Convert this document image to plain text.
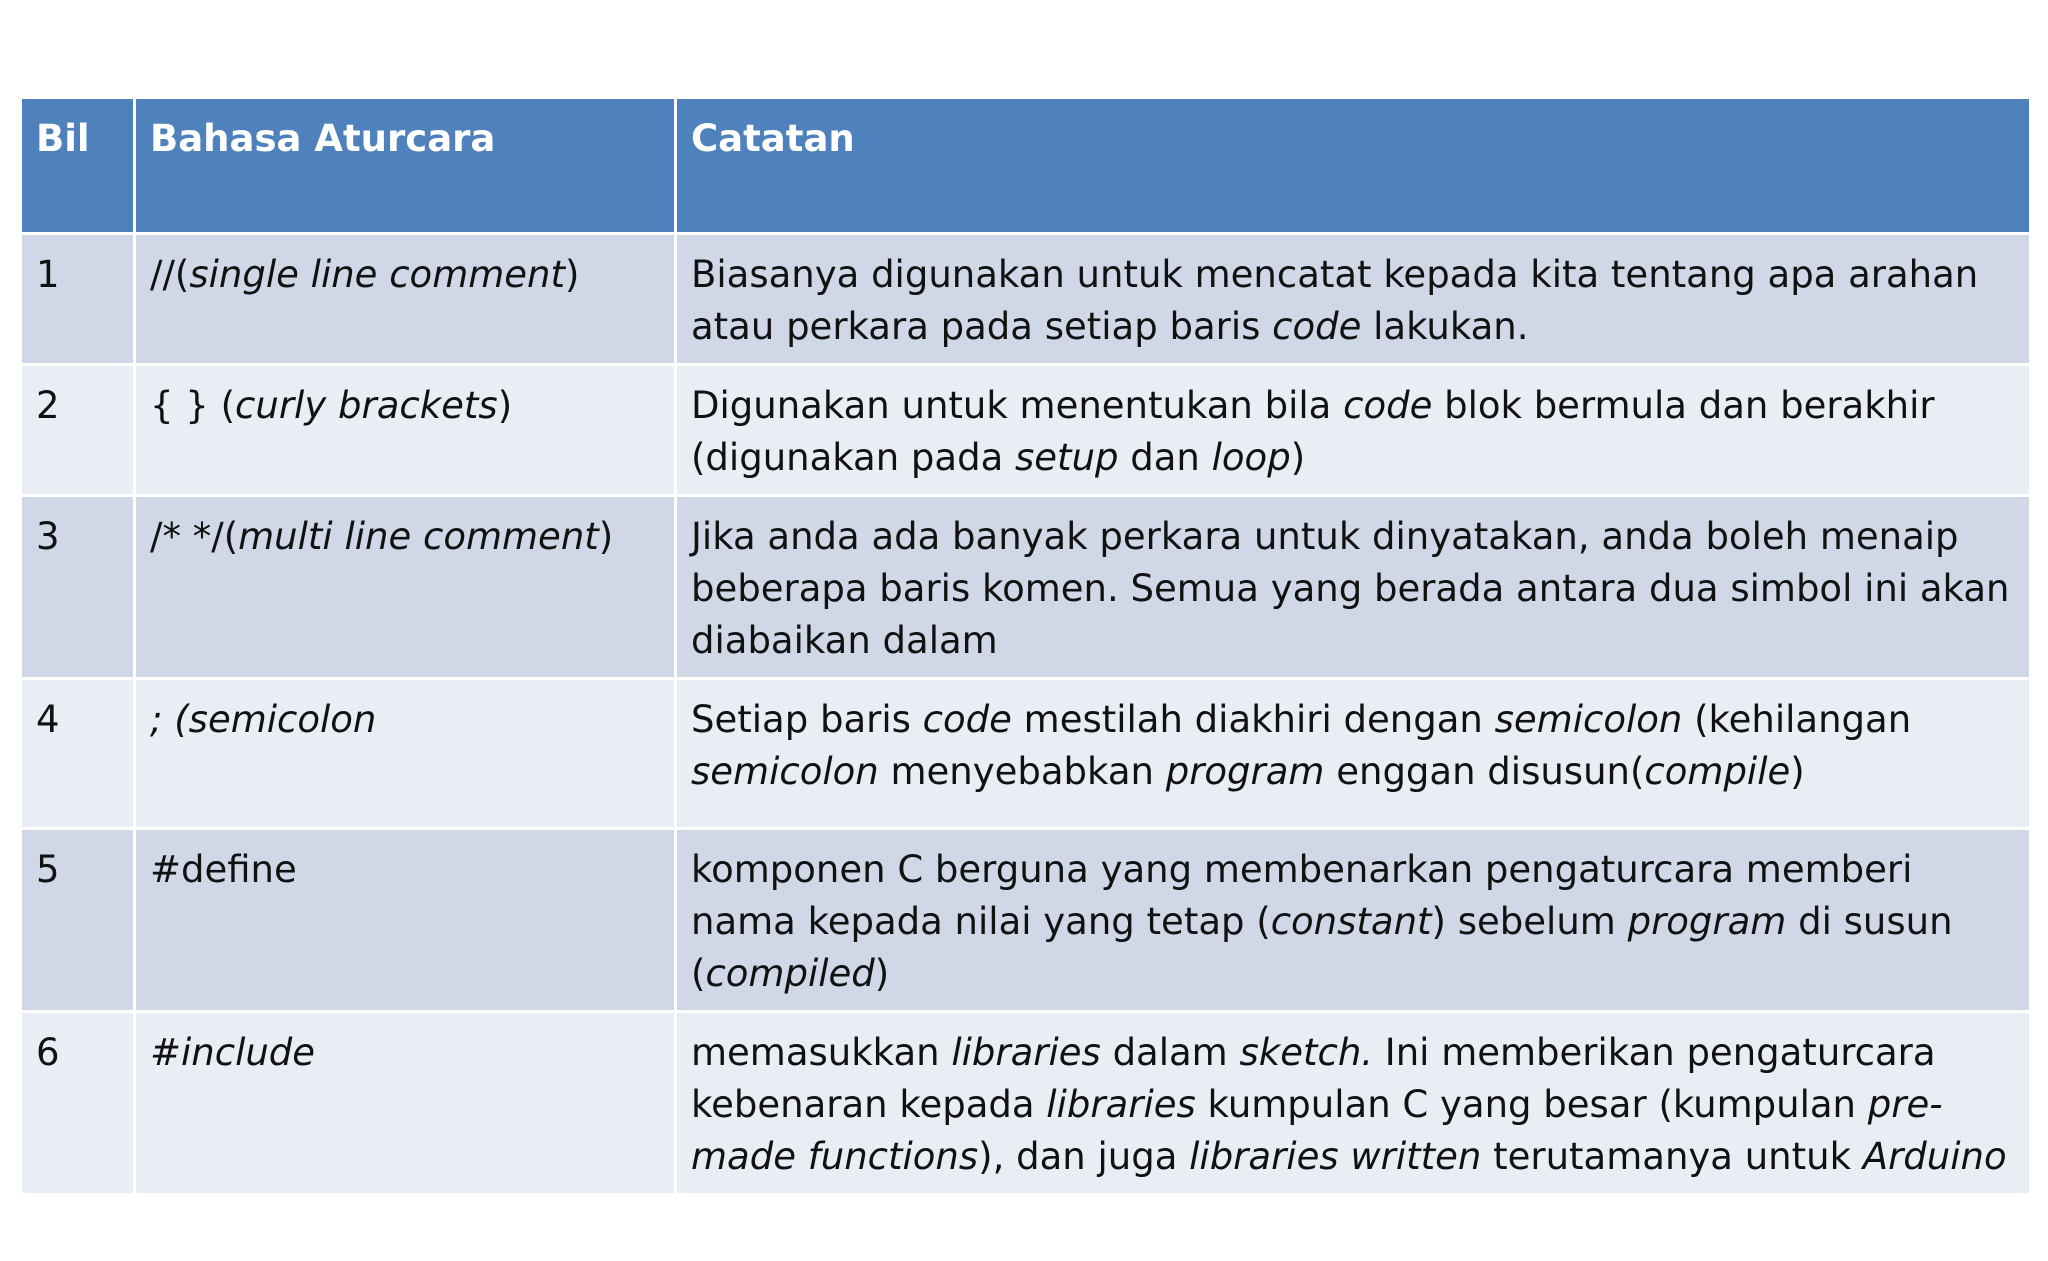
Bil	Bahasa Aturcara	Catatan
1	//(single line comment)	Biasanya digunakan untuk mencatat kepada kita tentang apa arahan atau perkara pada setiap baris code lakukan.
2	{ } (curly brackets)	Digunakan untuk menentukan bila code blok bermula dan berakhir (digunakan pada setup dan loop)
3	/* */(multi line comment)	Jika anda ada banyak perkara untuk dinyatakan, anda boleh menaip beberapa baris komen. Semua yang berada antara dua simbol ini akan diabaikan dalam
4	; (semicolon	Setiap baris code mestilah diakhiri dengan semicolon (kehilangan semicolon menyebabkan program enggan disusun(compile)
5	#define	komponen C berguna yang membenarkan pengaturcara memberi nama kepada nilai yang tetap (constant) sebelum program di susun (compiled)
6	#include	memasukkan libraries dalam sketch. Ini memberikan pengaturcara kebenaran kepada libraries kumpulan C yang besar (kumpulan pre-made functions), dan juga libraries written terutamanya untuk Arduino
